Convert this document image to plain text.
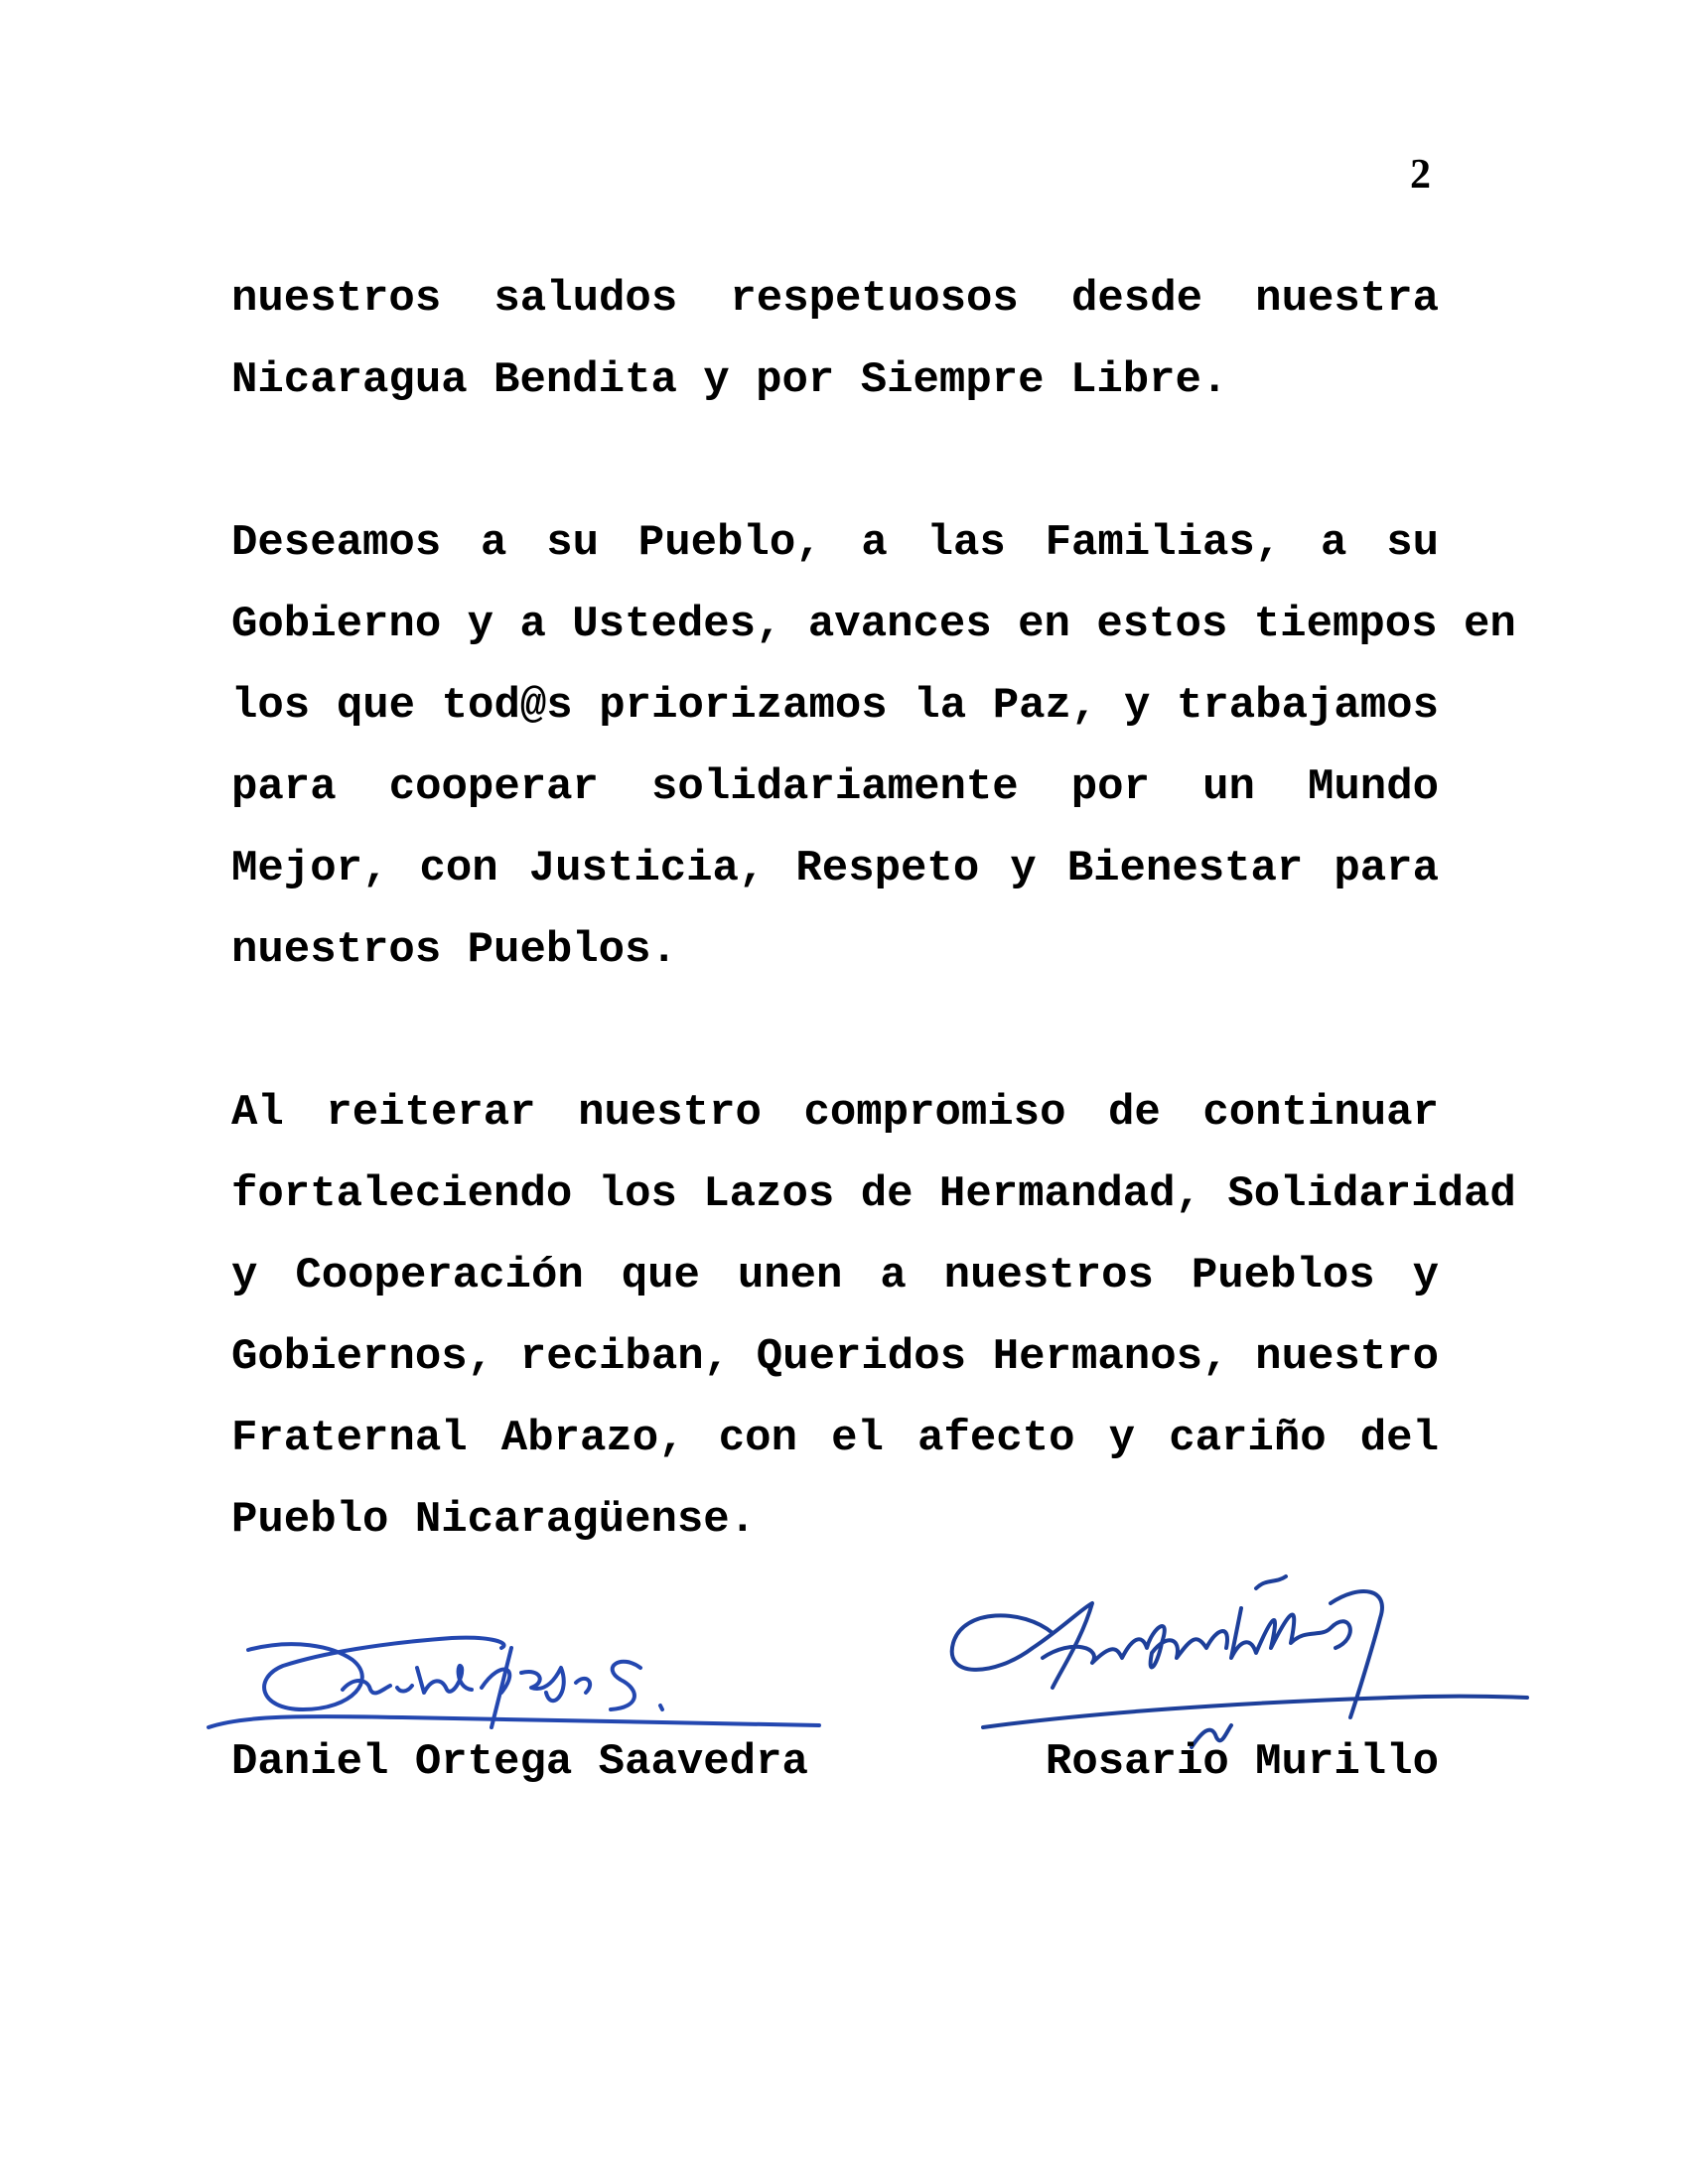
2
nuestros saludos respetuosos desde nuestra
Nicaragua Bendita y por Siempre Libre.
Deseamos a su Pueblo, a las Familias, a su
Gobierno y a Ustedes, avances en estos tiempos en
los que tod@s priorizamos la Paz, y trabajamos
para cooperar solidariamente por un Mundo
Mejor, con Justicia, Respeto y Bienestar para
nuestros Pueblos.
Al reiterar nuestro compromiso de continuar
fortaleciendo los Lazos de Hermandad, Solidaridad
y Cooperación que unen a nuestros Pueblos y
Gobiernos, reciban, Queridos Hermanos, nuestro
Fraternal Abrazo, con el afecto y cariño del
Pueblo Nicaragüense.
Daniel Ortega Saavedra	Rosario Murillo
